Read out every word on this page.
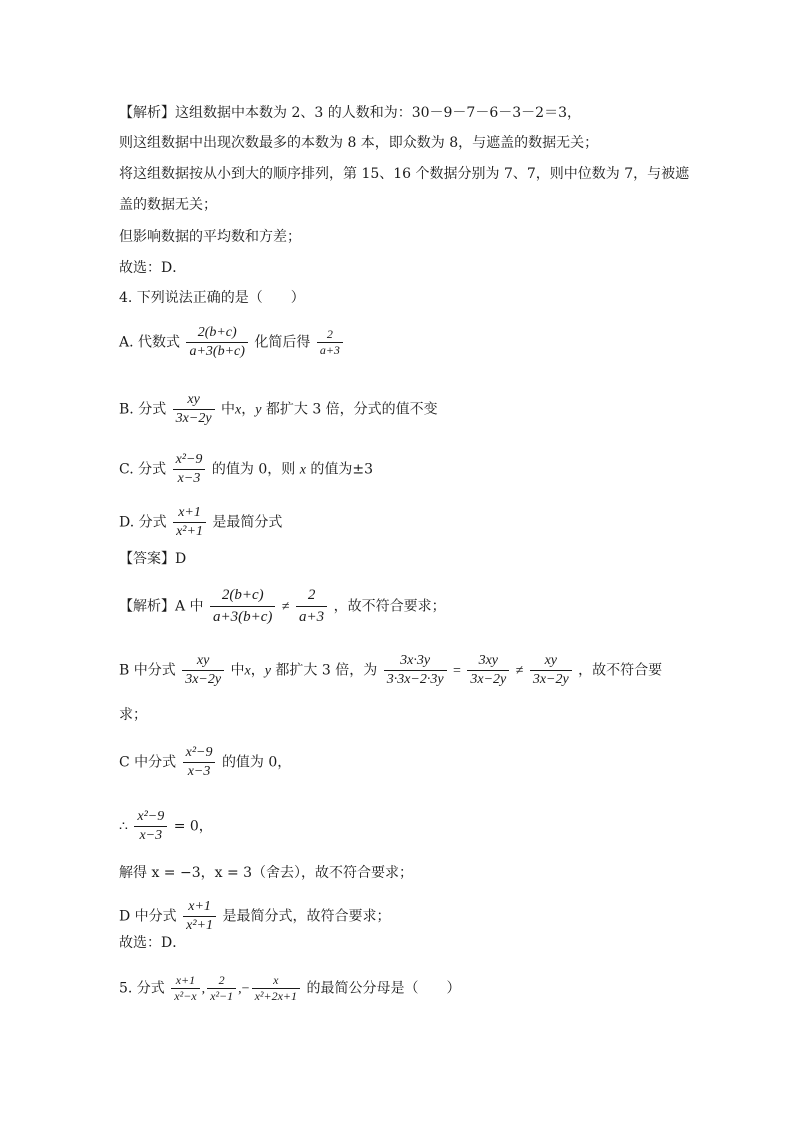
【解析】这组数据中本数为 2、3 的人数和为：30－9－7－6－3－2＝3，
则这组数据中出现次数最多的本数为 8 本，即众数为 8，与遮盖的数据无关；
将这组数据按从小到大的顺序排列，第 15、16 个数据分别为 7、7，则中位数为 7，与被遮
盖的数据无关；
但影响数据的平均数和方差；
故选：D．
4. 下列说法正确的是（　　）
A. 代数式 $\frac{2(b+c)}{a+3(b+c)}$ 化简后得 $\frac{2}{a+3}$
B. 分式 $\frac{xy}{3x-2y}$ 中x，y 都扩大 3 倍，分式的值不变
C. 分式 $\frac{\text{x²−9}}{x-3}$ 的值为 0，则 x 的值为±3
D. 分式 $\frac{x+1}{\text{x²+1}}$ 是最简分式
【答案】D
【解析】A 中 $\frac{2(b+c)}{a+3(b+c)} \ne \frac{2}{a+3}$ ，故不符合要求；
B 中分式 $\frac{xy}{3x-2y}$ 中x，y 都扩大 3 倍，为 $\frac{3x\cdot 3y}{3\cdot 3x-2\cdot 3y} = \frac{3xy}{3x-2y} \ne \frac{xy}{3x-2y}$ ，故不符合要
求；
C 中分式 $\frac{\text{x²−9}}{x-3}$ 的值为 0，
∴ $\frac{\text{x²−9}}{x-3} = 0$，
解得 x = −3，x = 3（舍去），故不符合要求；
D 中分式 $\frac{x+1}{\text{x²+1}}$ 是最简分式，故符合要求；
故选：D．
5. 分式 $\frac{x+1}{\text{x²−x}}$ , $\frac{2}{\text{x²−1}}$ ,− $\frac{x}{\text{x²+2x+1}}$ 的最简公分母是（　　）
